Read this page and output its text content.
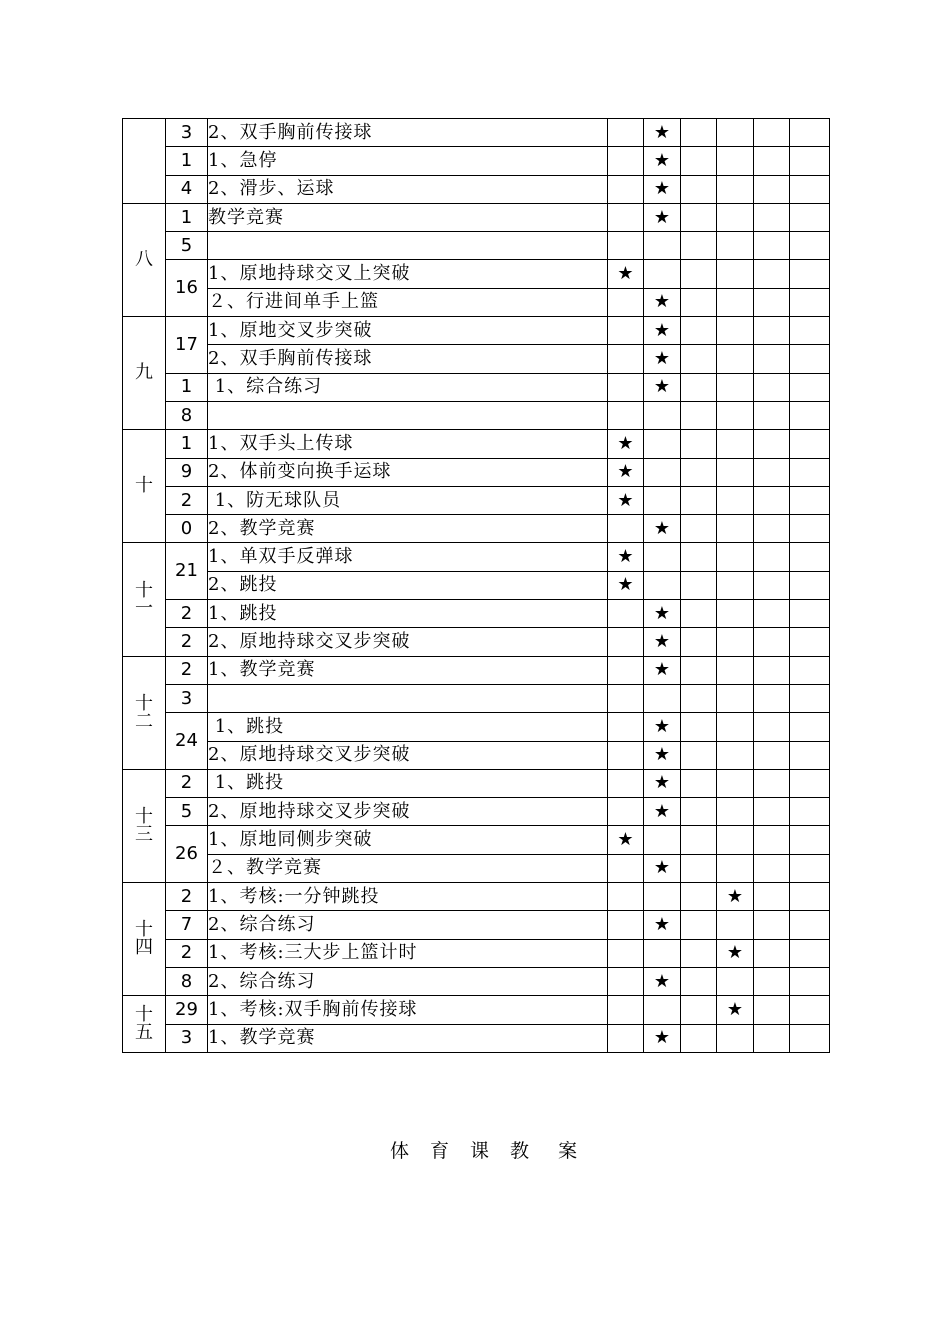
	3	2、双手胸前传接球		★				
	1	1、急停		★				
	4	2、滑步、运球		★				

八	1	教学竞赛		★				
	5							
	16	1、原地持球交叉上突破	★					
		２、行进间单手上篮		★				

九	17	1、原地交叉步突破		★				
		2、双手胸前传接球		★				
	1	1、综合练习		★				
	8							

十	1	1、双手头上传球	★					
	9	2、体前变向换手运球	★					
	2	1、防无球队员	★					
	0	2、教学竞赛		★				

十
一	21	1、单双手反弹球	★					
		2、跳投	★					
	2	1、跳投		★				
	2	2、原地持球交叉步突破		★				

十
二	2	1、教学竞赛		★				
	3							
	24	1、跳投		★				
		2、原地持球交叉步突破		★				

十
三	2	1、跳投		★				
	5	2、原地持球交叉步突破		★				
	26	1、原地同侧步突破	★					
		２、教学竞赛		★				

十
四	2	1、考核:一分钟跳投				★		
	7	2、综合练习		★				
	2	1、考核:三大步上篮计时				★		
	8	2、综合练习		★				

十
五	29	1、考核:双手胸前传接球				★		
	3	1、教学竞赛		★				

体 育 课 教 案
